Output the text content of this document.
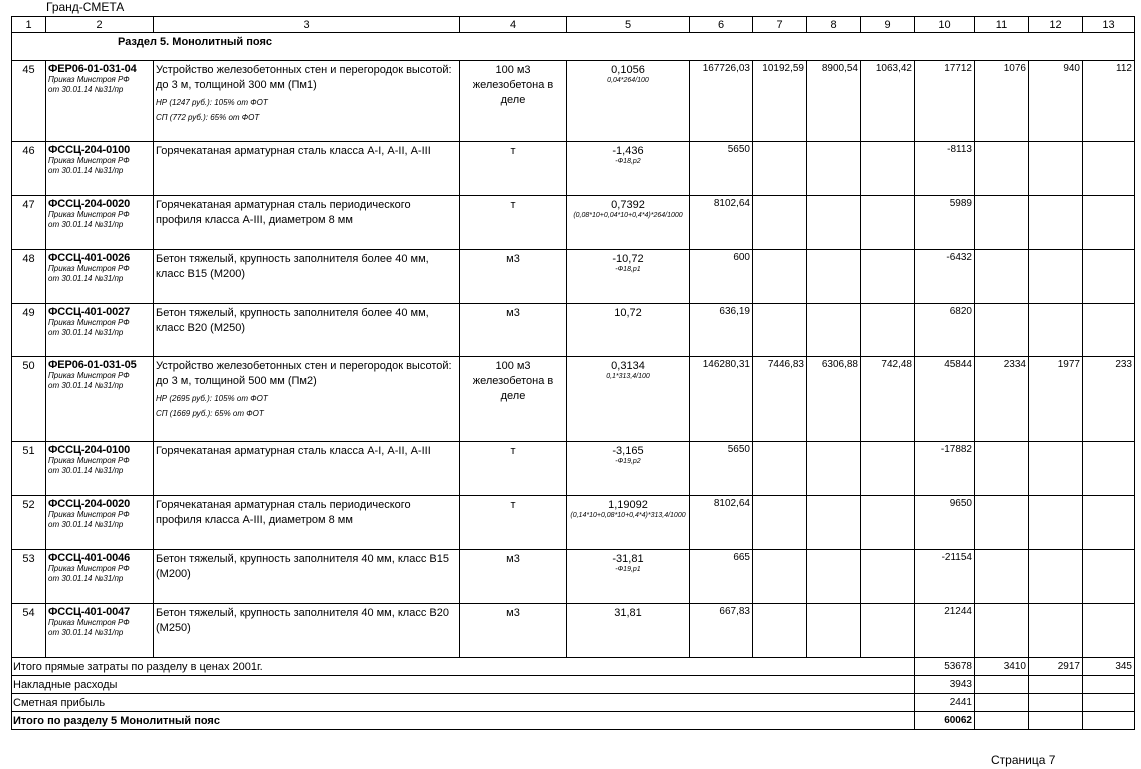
Гранд-СМЕТА
1	2	3	4	5	6	7	8	9	10	11	12	13

Раздел 5. Монолитный пояс												

45	ФЕР06-01-031-04
Приказ Минстроя РФ
от 30.01.14 №31/пр	Устройство железобетонных стен и перегородок высотой: до 3 м, толщиной 300 мм (Пм1)
НР (1247 руб.): 105% от ФОТ
СП (772 руб.): 65% от ФОТ	100 м3 железобетона в деле	0,1056
0,04*264/100	167726,03	10192,59	8900,54	1063,42	17712	1076	940	112

46	ФССЦ-204-0100
Приказ Минстроя РФ
от 30.01.14 №31/пр	Горячекатаная арматурная сталь класса А-I, А-II, А-III	т	-1,436
-Ф18,р2	5650				-8113			

47	ФССЦ-204-0020
Приказ Минстроя РФ
от 30.01.14 №31/пр	Горячекатаная арматурная сталь периодического профиля класса А-III, диаметром 8 мм	т	0,7392
(0,08*10+0,04*10+0,4*4)*264/1000	8102,64				5989			

48	ФССЦ-401-0026
Приказ Минстроя РФ
от 30.01.14 №31/пр	Бетон тяжелый, крупность заполнителя более 40 мм, класс В15 (М200)	м3	-10,72
-Ф18,р1	600				-6432			

49	ФССЦ-401-0027
Приказ Минстроя РФ
от 30.01.14 №31/пр	Бетон тяжелый, крупность заполнителя более 40 мм, класс В20 (М250)	м3	10,72	636,19				6820			

50	ФЕР06-01-031-05
Приказ Минстроя РФ
от 30.01.14 №31/пр	Устройство железобетонных стен и перегородок высотой: до 3 м, толщиной 500 мм (Пм2)
НР (2695 руб.): 105% от ФОТ
СП (1669 руб.): 65% от ФОТ	100 м3 железобетона в деле	0,3134
0,1*313,4/100	146280,31	7446,83	6306,88	742,48	45844	2334	1977	233

51	ФССЦ-204-0100
Приказ Минстроя РФ
от 30.01.14 №31/пр	Горячекатаная арматурная сталь класса А-I, А-II, А-III	т	-3,165
-Ф19,р2	5650				-17882			

52	ФССЦ-204-0020
Приказ Минстроя РФ
от 30.01.14 №31/пр	Горячекатаная арматурная сталь периодического профиля класса А-III, диаметром 8 мм	т	1,19092
(0,14*10+0,08*10+0,4*4)*313,4/1000	8102,64				9650			

53	ФССЦ-401-0046
Приказ Минстроя РФ
от 30.01.14 №31/пр	Бетон тяжелый, крупность заполнителя 40 мм, класс В15 (М200)	м3	-31,81
-Ф19,р1	665				-21154			

54	ФССЦ-401-0047
Приказ Минстроя РФ
от 30.01.14 №31/пр	Бетон тяжелый, крупность заполнителя 40 мм, класс В20 (М250)	м3	31,81	667,83				21244			

Итого прямые затраты по разделу в ценах 2001г.									53678	3410	2917	345
Накладные расходы									3943			
Сметная прибыль									2441			
Итого по разделу 5 Монолитный пояс									60062			
Страница 7
